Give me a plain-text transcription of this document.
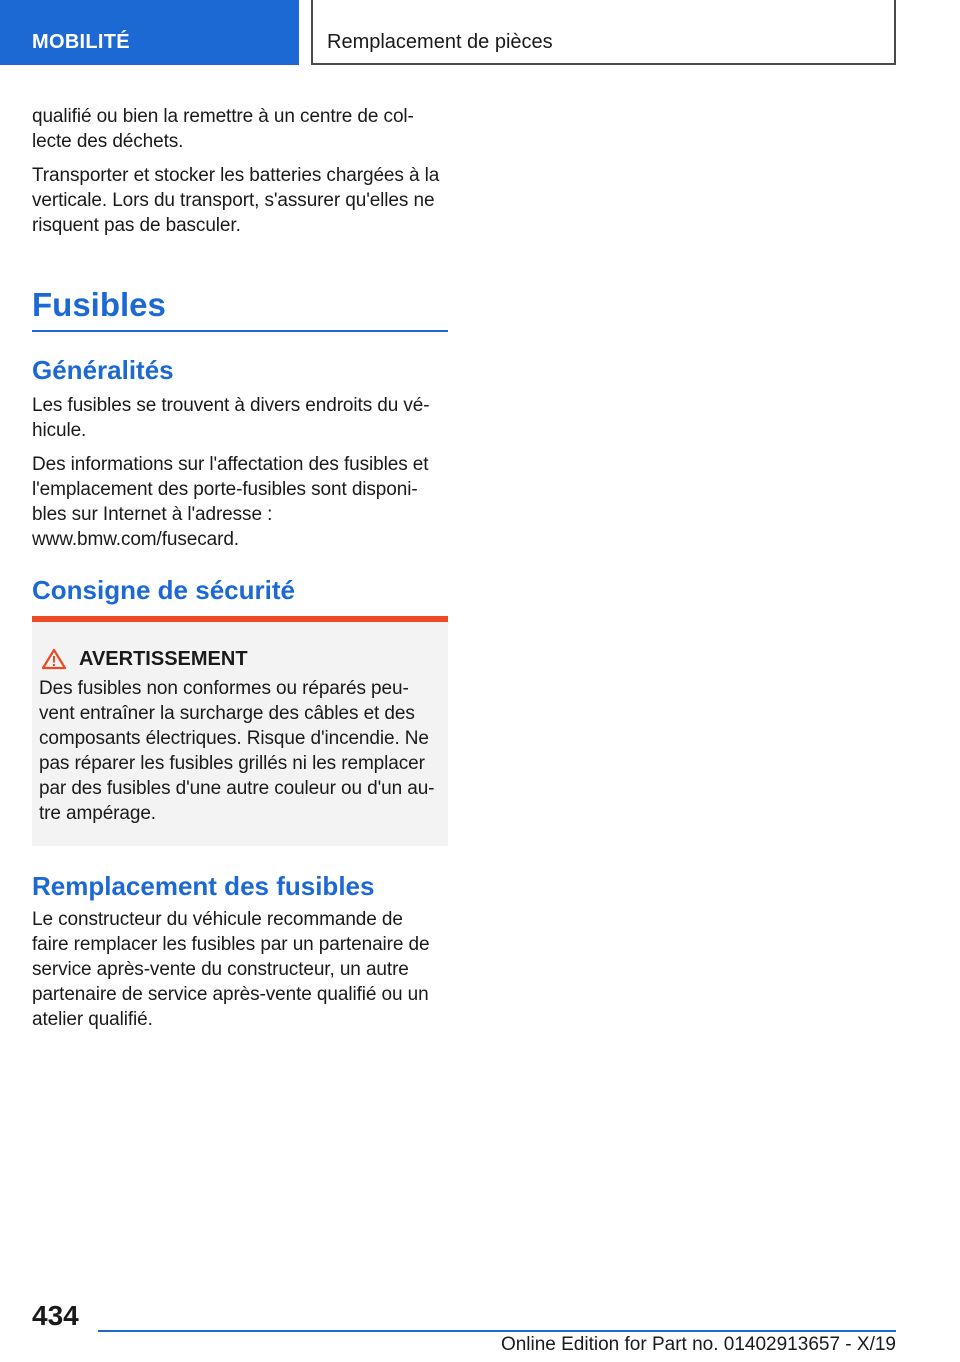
MOBILITÉ	Remplacement de pièces

qualifié ou bien la remettre à un centre de col-lecte des déchets.

Transporter et stocker les batteries chargées à la verticale. Lors du transport, s'assurer qu'elles ne risquent pas de basculer.

Fusibles
Généralités

Les fusibles se trouvent à divers endroits du vé-hicule.

Des informations sur l'affectation des fusibles et l'emplacement des porte-fusibles sont disponi-bles sur Internet à l'adresse : www.bmw.com/fusecard.

Consigne de sécurité
AVERTISSEMENT

Des fusibles non conformes ou réparés peu-vent entraîner la surcharge des câbles et des composants électriques. Risque d'incendie. Ne pas réparer les fusibles grillés ni les remplacer par des fusibles d'une autre couleur ou d'un au-tre ampérage.

Remplacement des fusibles

Le constructeur du véhicule recommande de faire remplacer les fusibles par un partenaire de service après-vente du constructeur, un autre partenaire de service après-vente qualifié ou un atelier qualifié.

434
Online Edition for Part no. 01402913657 - X/19
